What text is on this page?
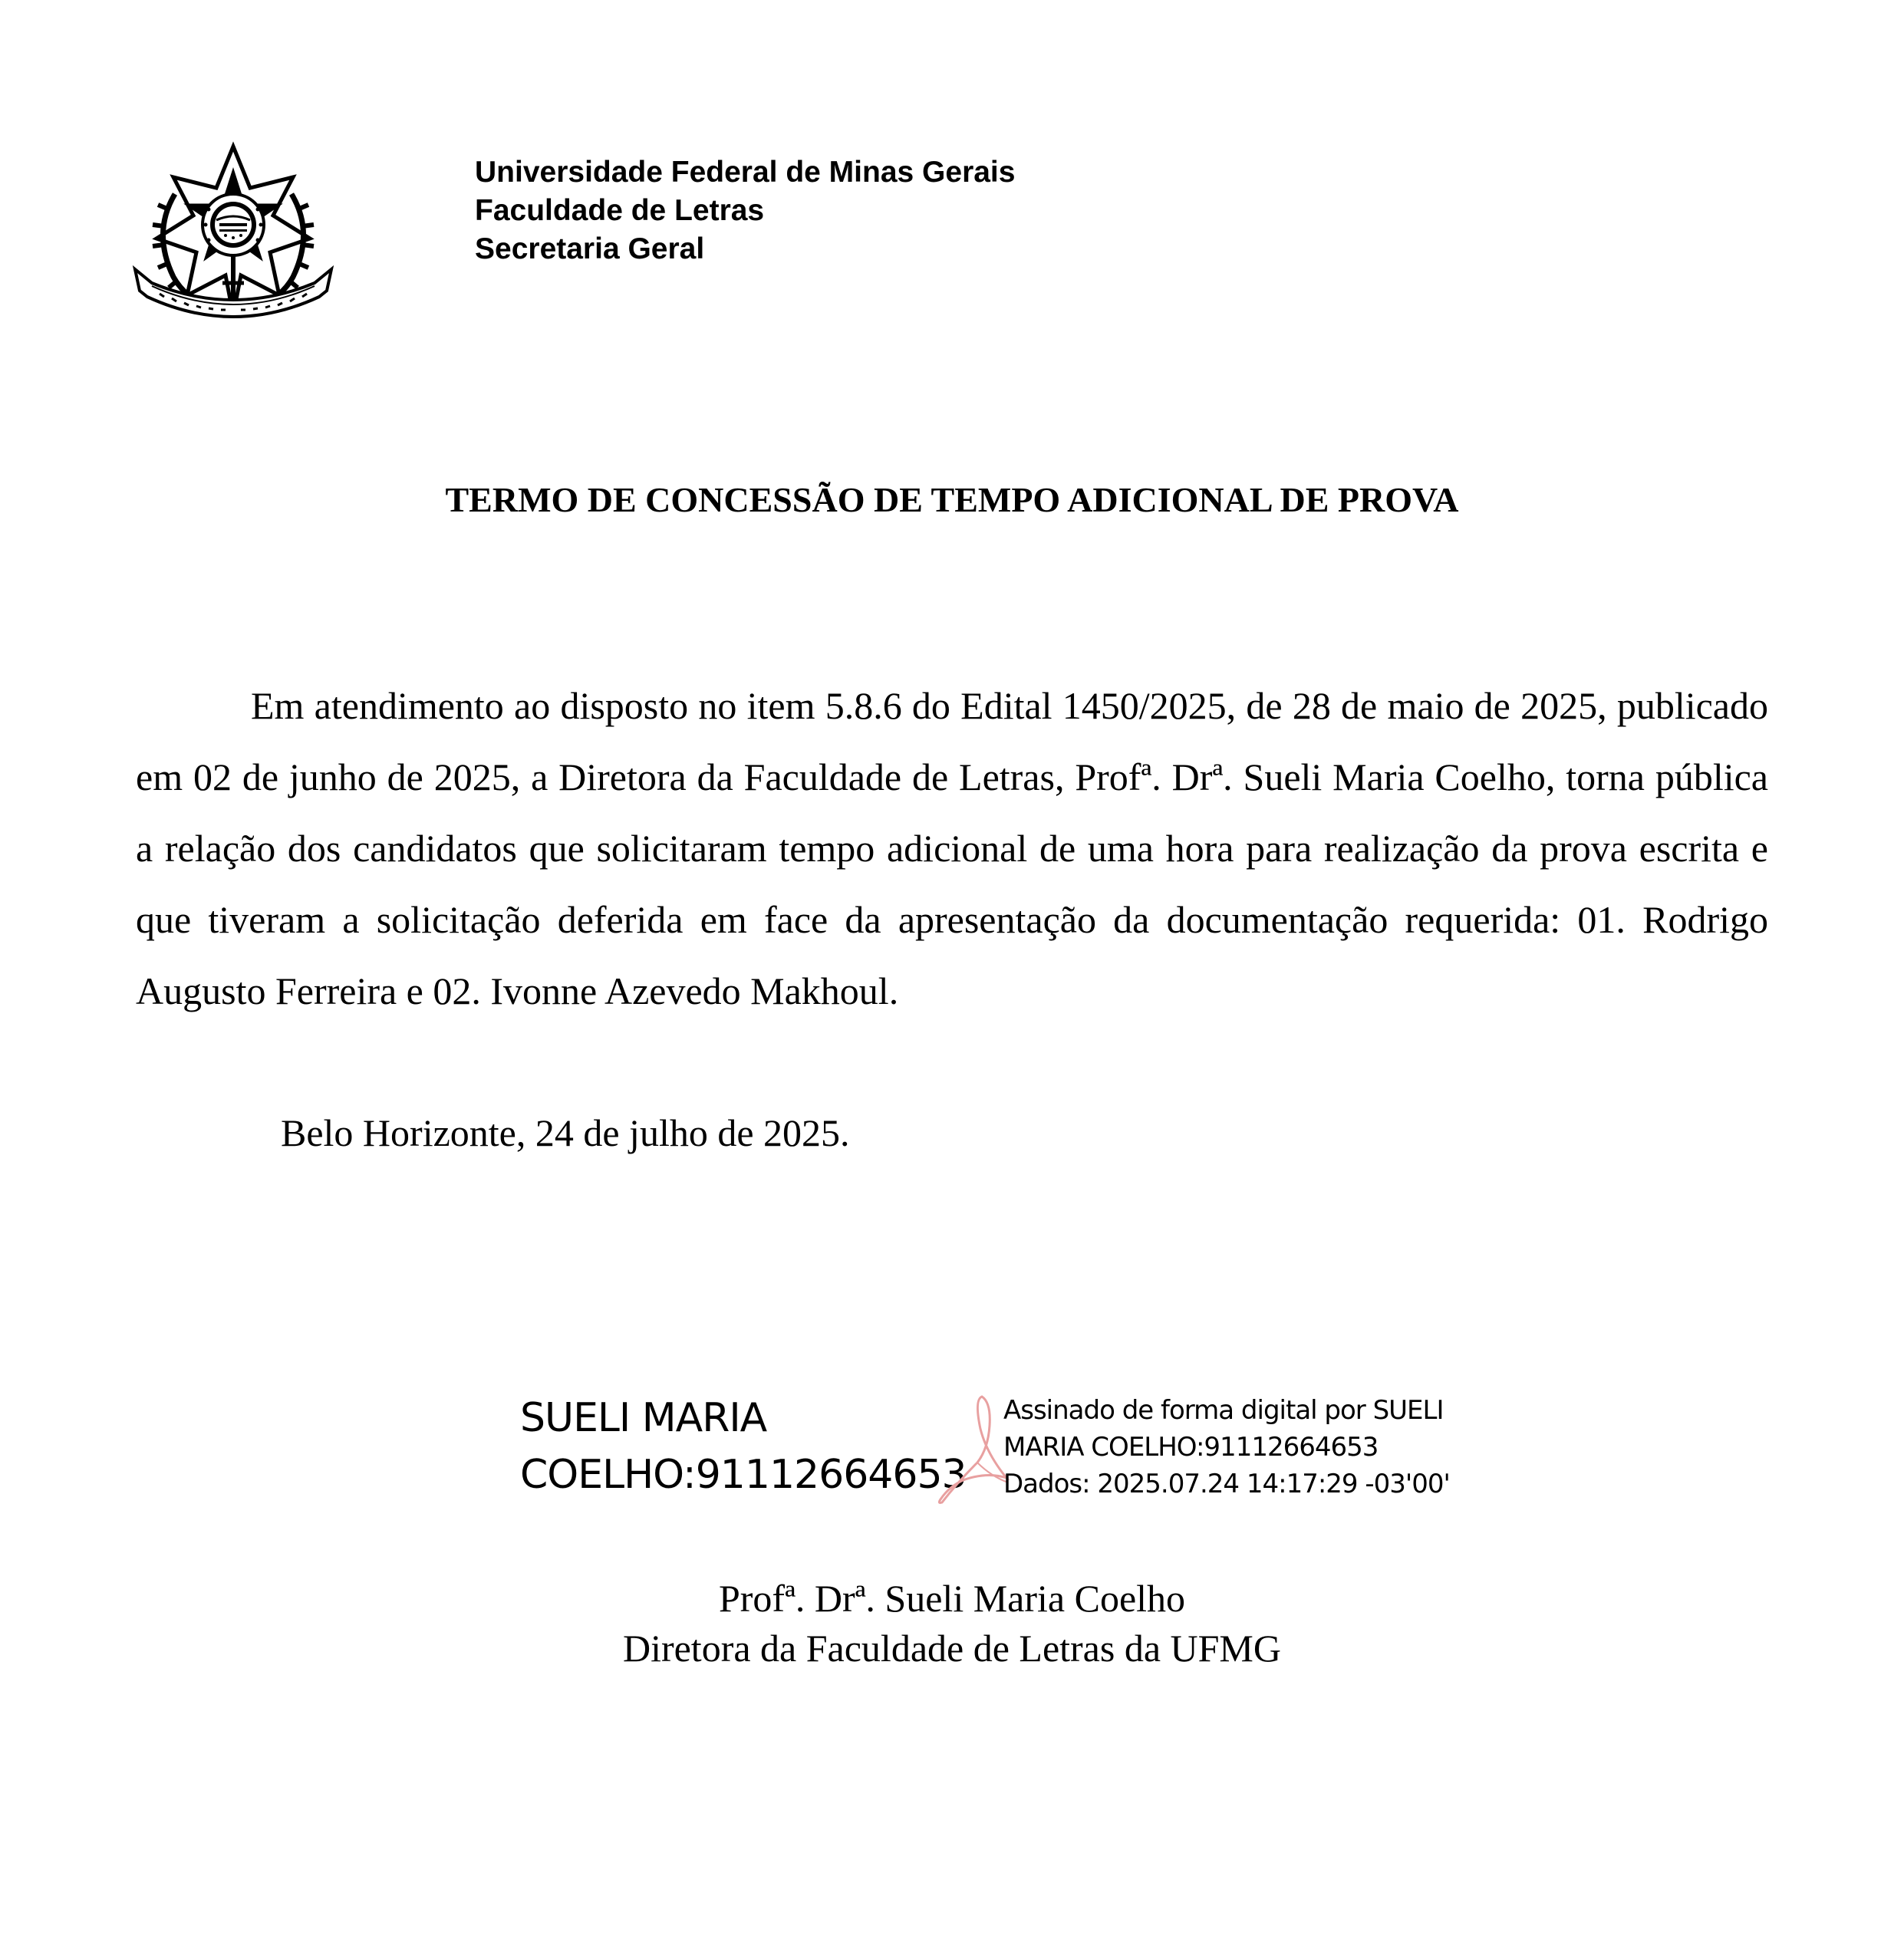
Universidade Federal de Minas Gerais
Faculdade de Letras
Secretaria Geral
TERMO DE CONCESSÃO DE TEMPO ADICIONAL DE PROVA

Em atendimento ao disposto no item 5.8.6 do Edital 1450/2025, de 28 de maio de 2025, publicado em 02 de junho de 2025, a Diretora da Faculdade de Letras, Profª. Drª. Sueli Maria Coelho, torna pública a relação dos candidatos que solicitaram tempo adicional de uma hora para realização da prova escrita e que tiveram a solicitação deferida em face da apresentação da documentação requerida: 01. Rodrigo Augusto Ferreira e 02. Ivonne Azevedo Makhoul.

Belo Horizonte, 24 de julho de 2025.
SUELI MARIA
COELHO:91112664653
Assinado de forma digital por SUELI
MARIA COELHO:91112664653
Dados: 2025.07.24 14:17:29 -03'00'
Profª. Drª. Sueli Maria Coelho
Diretora da Faculdade de Letras da UFMG
